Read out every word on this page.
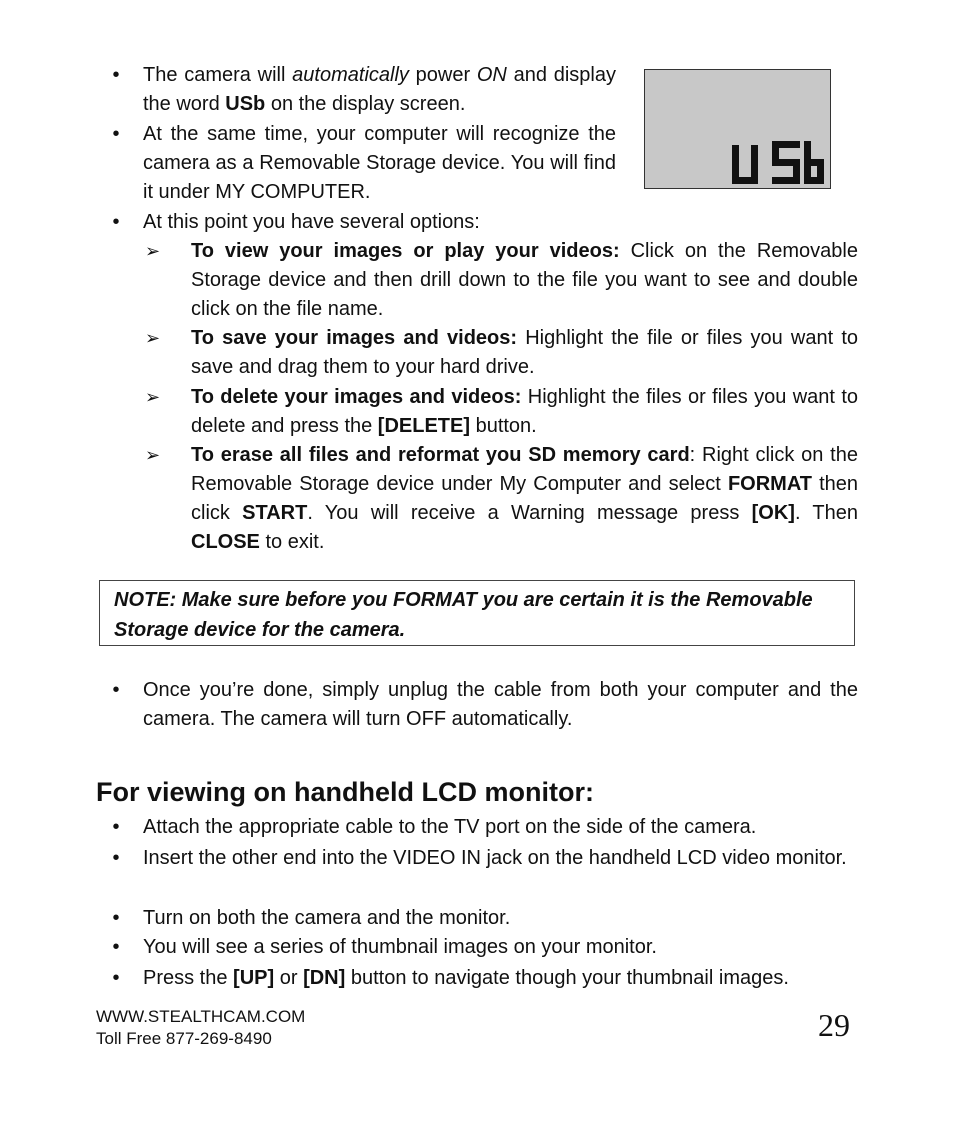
•
The camera will automatically power ON and display the word USb on the display screen.
•
At the same time, your computer will recognize the camera as a Removable Storage device. You will find it under MY COMPUTER.
•
At this point you have several options:
➢ To view your images or play your videos: Click on the Removable Storage device and then drill down to the file you want to see and double click on the file name.
➢ To save your images and videos: Highlight the file or files you want to save and drag them to your hard drive.
➢ To delete your images and videos: Highlight the files or files you want to delete and press the [DELETE] button.
➢ To erase all files and reformat you SD memory card: Right click on the Removable Storage device under My Computer and select FORMAT then click START. You will receive a Warning message press [OK]. Then CLOSE to exit.
NOTE: Make sure before you FORMAT you are certain it is the Removable Storage device for the camera.
•
Once you’re done, simply unplug the cable from both your computer and the camera. The camera will turn OFF automatically.
For viewing on handheld LCD monitor:
•
Attach the appropriate cable to the TV port on the side of the camera.
•
Insert the other end into the VIDEO IN jack on the handheld LCD video monitor.
•
Turn on both the camera and the monitor.
•
You will see a series of thumbnail images on your monitor.
•
Press the [UP] or [DN] button to navigate though your thumbnail images.
WWW.STEALTHCAM.COM
Toll Free 877-269-8490	29
